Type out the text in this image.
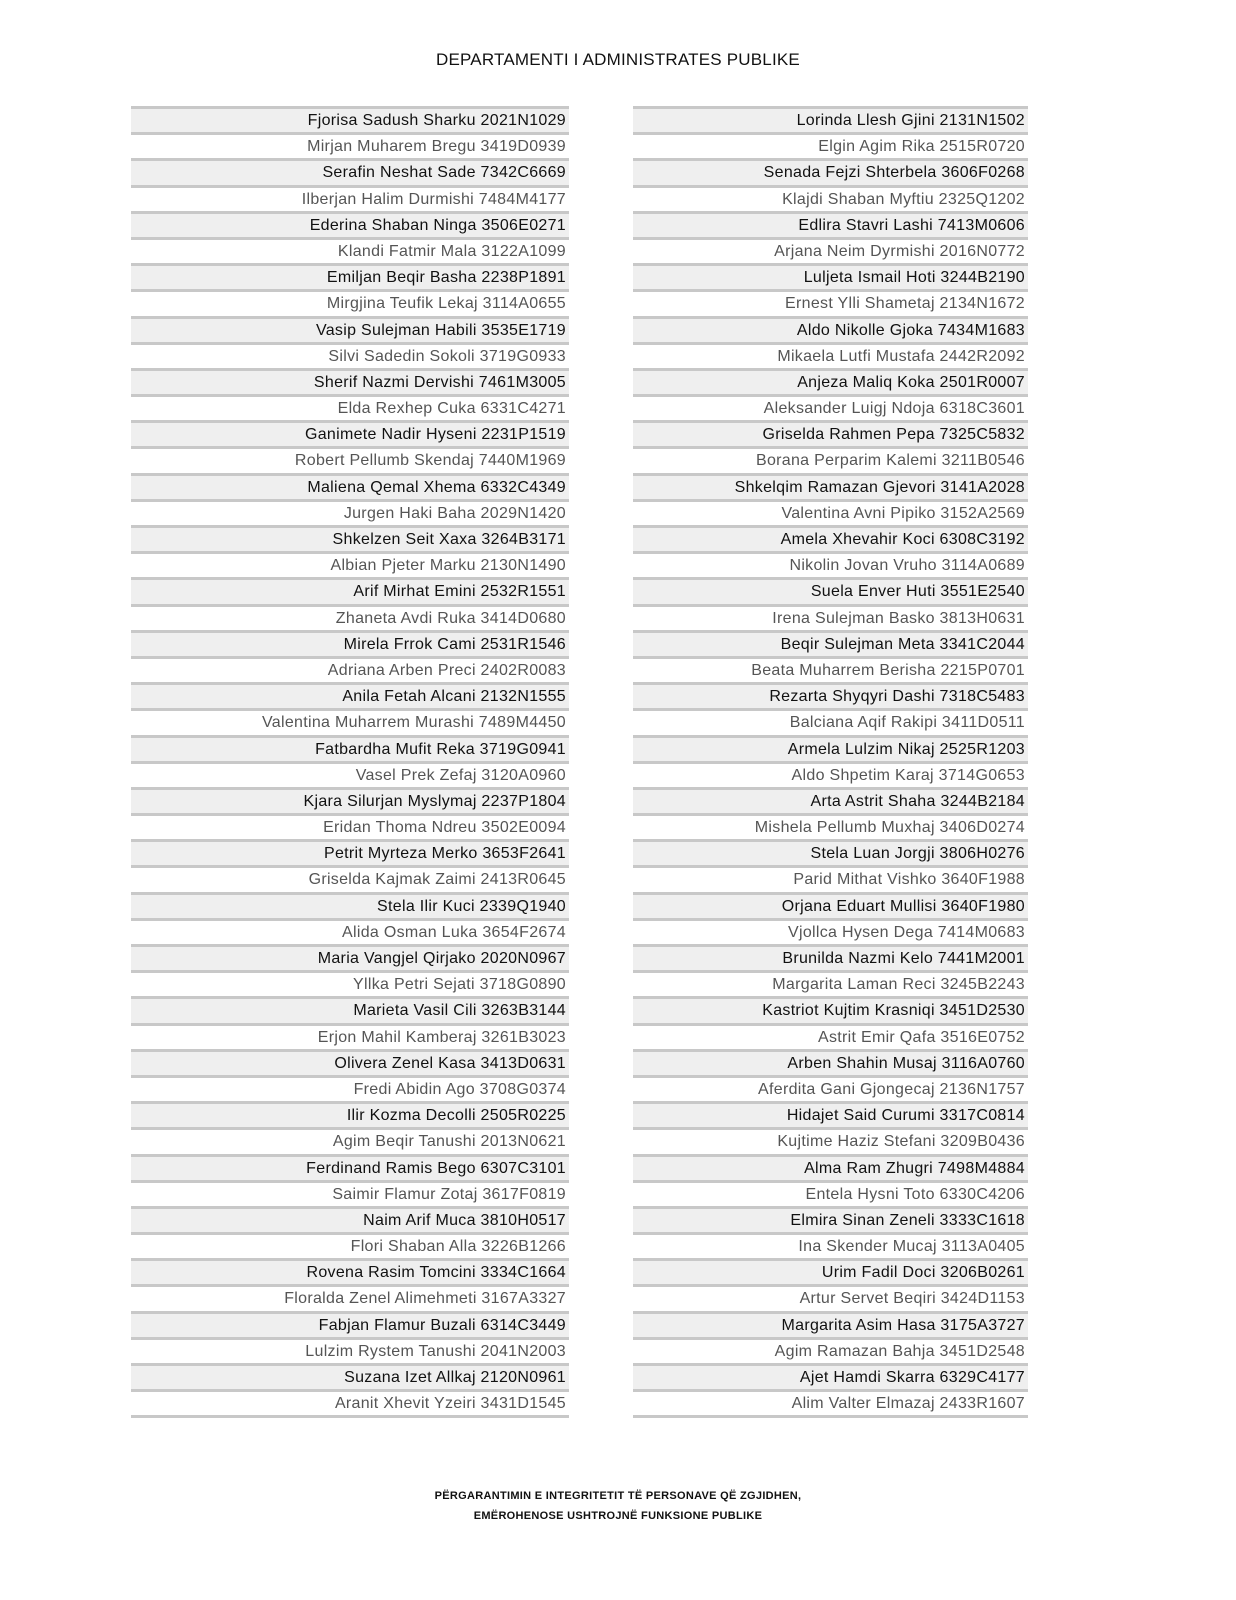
DEPARTAMENTI I ADMINISTRATES PUBLIKE
Fjorisa Sadush Sharku 2021N1029
Mirjan Muharem Bregu 3419D0939
Serafin Neshat Sade 7342C6669
Ilberjan Halim Durmishi 7484M4177
Ederina Shaban Ninga 3506E0271
Klandi Fatmir Mala 3122A1099
Emiljan Beqir Basha 2238P1891
Mirgjina Teufik Lekaj 3114A0655
Vasip Sulejman Habili 3535E1719
Silvi Sadedin Sokoli 3719G0933
Sherif Nazmi Dervishi 7461M3005
Elda Rexhep Cuka 6331C4271
Ganimete Nadir Hyseni 2231P1519
Robert Pellumb Skendaj 7440M1969
Maliena Qemal Xhema 6332C4349
Jurgen Haki Baha 2029N1420
Shkelzen Seit Xaxa 3264B3171
Albian Pjeter Marku 2130N1490
Arif Mirhat Emini 2532R1551
Zhaneta Avdi Ruka 3414D0680
Mirela Frrok Cami 2531R1546
Adriana Arben Preci 2402R0083
Anila Fetah Alcani 2132N1555
Valentina Muharrem Murashi 7489M4450
Fatbardha Mufit Reka 3719G0941
Vasel Prek Zefaj 3120A0960
Kjara Silurjan Myslymaj 2237P1804
Eridan Thoma Ndreu 3502E0094
Petrit Myrteza Merko 3653F2641
Griselda Kajmak Zaimi 2413R0645
Stela Ilir Kuci 2339Q1940
Alida Osman Luka 3654F2674
Maria Vangjel Qirjako 2020N0967
Yllka Petri Sejati 3718G0890
Marieta Vasil Cili 3263B3144
Erjon Mahil Kamberaj 3261B3023
Olivera Zenel Kasa 3413D0631
Fredi Abidin Ago 3708G0374
Ilir Kozma Decolli 2505R0225
Agim Beqir Tanushi 2013N0621
Ferdinand Ramis Bego 6307C3101
Saimir Flamur Zotaj 3617F0819
Naim Arif Muca 3810H0517
Flori Shaban Alla 3226B1266
Rovena Rasim Tomcini 3334C1664
Floralda Zenel Alimehmeti 3167A3327
Fabjan Flamur Buzali 6314C3449
Lulzim Rystem Tanushi 2041N2003
Suzana Izet Allkaj 2120N0961
Aranit Xhevit Yzeiri 3431D1545
Lorinda Llesh Gjini 2131N1502
Elgin Agim Rika 2515R0720
Senada Fejzi Shterbela 3606F0268
Klajdi Shaban Myftiu 2325Q1202
Edlira Stavri Lashi 7413M0606
Arjana Neim Dyrmishi 2016N0772
Luljeta Ismail Hoti 3244B2190
Ernest Ylli Shametaj 2134N1672
Aldo Nikolle Gjoka 7434M1683
Mikaela Lutfi Mustafa 2442R2092
Anjeza Maliq Koka 2501R0007
Aleksander Luigj Ndoja 6318C3601
Griselda Rahmen Pepa 7325C5832
Borana Perparim Kalemi 3211B0546
Shkelqim Ramazan Gjevori 3141A2028
Valentina Avni Pipiko 3152A2569
Amela Xhevahir Koci 6308C3192
Nikolin Jovan Vruho 3114A0689
Suela Enver Huti 3551E2540
Irena Sulejman Basko 3813H0631
Beqir Sulejman Meta 3341C2044
Beata Muharrem Berisha 2215P0701
Rezarta Shyqyri Dashi 7318C5483
Balciana Aqif Rakipi 3411D0511
Armela Lulzim Nikaj 2525R1203
Aldo Shpetim Karaj 3714G0653
Arta Astrit Shaha 3244B2184
Mishela Pellumb Muxhaj 3406D0274
Stela Luan Jorgji 3806H0276
Parid Mithat Vishko 3640F1988
Orjana Eduart Mullisi 3640F1980
Vjollca Hysen Dega 7414M0683
Brunilda Nazmi Kelo 7441M2001
Margarita Laman Reci 3245B2243
Kastriot Kujtim Krasniqi 3451D2530
Astrit Emir Qafa 3516E0752
Arben Shahin Musaj 3116A0760
Aferdita Gani Gjongecaj 2136N1757
Hidajet Said Curumi 3317C0814
Kujtime Haziz Stefani 3209B0436
Alma Ram Zhugri 7498M4884
Entela Hysni Toto 6330C4206
Elmira Sinan Zeneli 3333C1618
Ina Skender Mucaj 3113A0405
Urim Fadil Doci 3206B0261
Artur Servet Beqiri 3424D1153
Margarita Asim Hasa 3175A3727
Agim Ramazan Bahja 3451D2548
Ajet Hamdi Skarra 6329C4177
Alim Valter Elmazaj 2433R1607
PËRGARANTIMIN E INTEGRITETIT TË PERSONAVE QË ZGJIDHEN,
EMËROHENOSE USHTROJNË FUNKSIONE PUBLIKE
